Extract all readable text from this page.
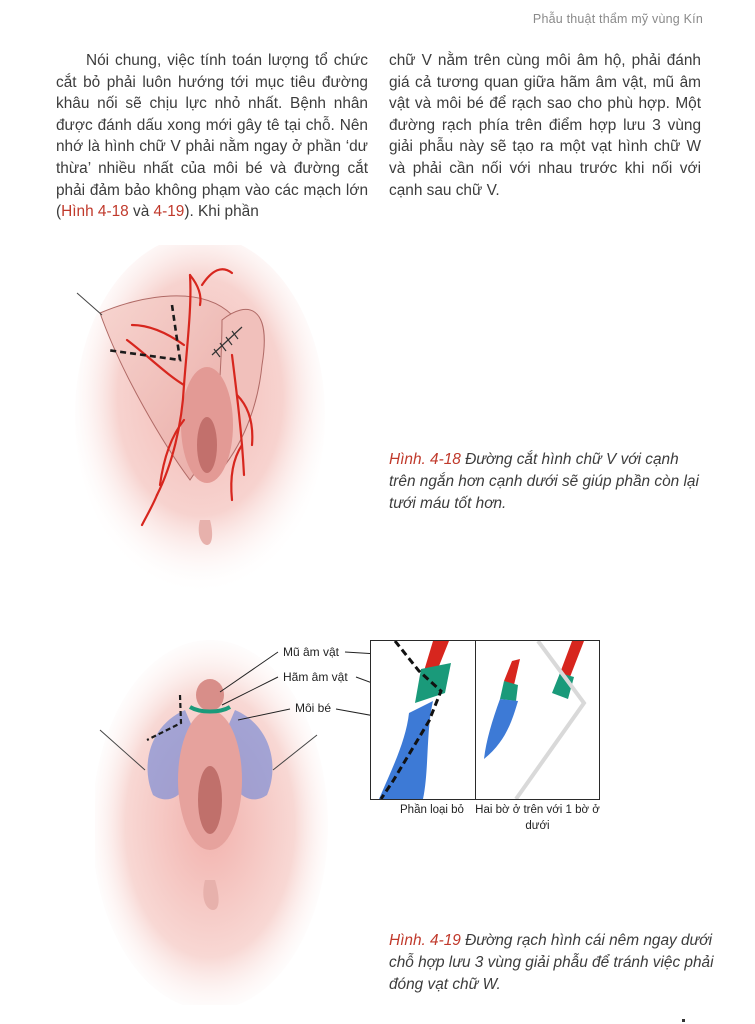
Phẫu thuật thẩm mỹ vùng Kín
Nói chung, việc tính toán lượng tổ chức cắt bỏ phải luôn hướng tới mục tiêu đường khâu nối sẽ chịu lực nhỏ nhất. Bệnh nhân được đánh dấu xong mới gây tê tại chỗ. Nên nhớ là hình chữ V phải nằm ngay ở phần ‘dư thừa’ nhiều nhất của môi bé và đường cắt phải đảm bảo không phạm vào các mạch lớn (Hình 4-18 và 4-19). Khi phần
chữ V nằm trên cùng môi âm hộ, phải đánh giá cả tương quan giữa hãm âm vật, mũ âm vật và môi bé để rạch sao cho phù hợp. Một đường rạch phía trên điểm hợp lưu 3 vùng giải phẫu này sẽ tạo ra một vạt hình chữ W và phải cần nối với nhau trước khi nối với cạnh sau chữ V.
Hình. 4-18 Đường cắt hình chữ V với cạnh trên ngắn hơn cạnh dưới sẽ giúp phần còn lại tưới máu tốt hơn.
Mũ âm vật
Hãm âm vật
Môi bé
Phần loại bỏ Hai bờ ở trên với 1 bờ ở dưới
Hình. 4-19 Đường rạch hình cái nêm ngay dưới chỗ hợp lưu 3 vùng giải phẫu để tránh việc phải đóng vạt chữ W.
